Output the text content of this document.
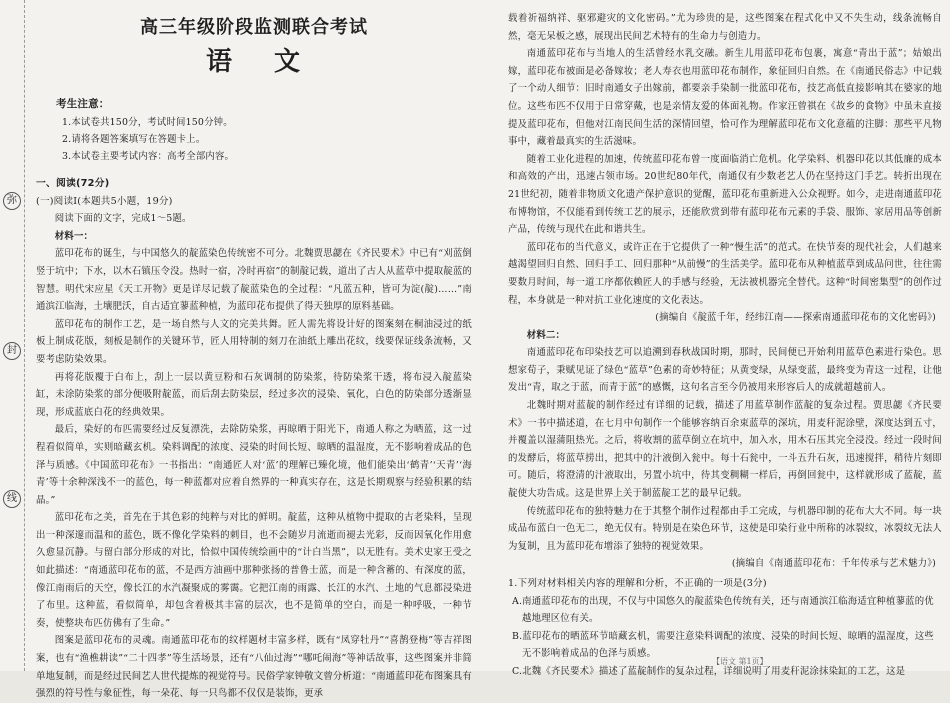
弥
封
线
高三年级阶段监测联合考试
语文
考生注意：
1.本试卷共150分，考试时间150分钟。
2.请将各题答案填写在答题卡上。
3.本试卷主要考试内容：高考全部内容。
一、阅读(72分)
(一)阅读Ⅰ(本题共5小题，19分)

阅读下面的文字，完成1～5题。

材料一：

蓝印花布的诞生，与中国悠久的靛蓝染色传统密不可分。北魏贾思勰在《齐民要术》中已有“刈蓝倒竖于坑中；下水，以木石镇压令没。热时一宿，冷时再宿”的制靛记载，道出了古人从蓝草中提取靛蓝的智慧。明代宋应星《天工开物》更是详尽记载了靛蓝染色的全过程：“凡蓝五种，皆可为淀(靛)……”南通滨江临海，土壤肥沃，自古适宜蓼蓝种植，为蓝印花布提供了得天独厚的原料基础。

蓝印花布的制作工艺，是一场自然与人文的完美共舞。匠人需先将设计好的图案刻在桐油浸过的纸板上制成花版，刻板是制作的关键环节，匠人用特制的刻刀在油纸上雕出花纹，线要保证线条流畅，又要考虑防染效果。

再将花版覆于白布上，刮上一层以黄豆粉和石灰调制的防染浆，待防染浆干透，将布浸入靛蓝染缸，未涂防染浆的部分便吸附靛蓝，而后刮去防染层，经过多次的浸染、氧化，白色的防染部分透渐显现，形成蓝底白花的经典效果。

最后，染好的布匹需要经过反复漂洗，去除防染浆，再晾晒于阳光下，南通人称之为晒蓝，这一过程看似简单，实则暗藏玄机。染料调配的浓度、浸染的时间长短、晾晒的温湿度，无不影响着成品的色泽与质感。《中国蓝印花布》一书指出：“南通匠人对‘蓝’的理解已臻化境，他们能染出‘鹤青’‘天青’‘海青’等十余种深浅不一的蓝色，每一种蓝都对应着自然界的一种真实存在，这是长期观察与经验积累的结晶。”

蓝印花布之美，首先在于其色彩的纯粹与对比的鲜明。靛蓝，这种从植物中提取的古老染料，呈现出一种深邃而温和的蓝色，既不像化学染料的刺目，也不会随岁月流逝而褪去光彩，反而因氧化作用愈久愈显沉静。与留白部分形成的对比，恰似中国传统绘画中的“计白当黑”，以无胜有。美术史家王受之如此描述：“南通蓝印花布的蓝，不是西方油画中那种张扬的普鲁士蓝，而是一种含蓄的、有深度的蓝，像江南雨后的天空，像长江的水汽凝聚成的雾霭。它把江南的雨露、长江的水汽、土地的气息都浸染进了布里。这种蓝，看似简单，却包含着极其丰富的层次，也不是简单的空白，而是一种呼吸，一种节奏，使整块布匹仿佛有了生命。”

图案是蓝印花布的灵魂。南通蓝印花布的纹样题材丰富多样，既有“凤穿牡丹”“喜鹊登梅”等吉祥图案，也有“渔樵耕读”“二十四孝”等生活场景，还有“八仙过海”“哪吒闹海”等神话故事，这些图案并非简单地复制，而是经过民间艺人世代提炼的视觉符号。民俗学家钟敬文曾分析道：“南通蓝印花布图案具有强烈的符号性与象征性，每一朵花、每一只鸟都不仅仅是装饰，更承

载着祈福纳祥、驱邪避灾的文化密码。”尤为珍贵的是，这些图案在程式化中又不失生动，线条流畅自然，毫无呆板之感，展现出民间艺术特有的生命力与创造力。

南通蓝印花布与当地人的生活曾经水乳交融。新生儿用蓝印花布包裹，寓意“青出于蓝”；姑娘出嫁，蓝印花布被面是必备嫁妆；老人寿衣也用蓝印花布制作，象征回归自然。在《南通民俗志》中记载了一个动人细节：旧时南通女子出嫁前，都要亲手染制一批蓝印花布，技艺高低直接影响其在婆家的地位。这些布匹不仅用于日常穿戴，也是亲情友爱的体面礼物。作家汪曾祺在《故乡的食物》中虽未直接提及蓝印花布，但他对江南民间生活的深情回望，恰可作为理解蓝印花布文化意蕴的注脚：那些平凡物事中，藏着最真实的生活滋味。

随着工业化进程的加速，传统蓝印花布曾一度面临消亡危机。化学染料、机器印花以其低廉的成本和高效的产出，迅速占领市场。20世纪80年代，南通仅有少数老艺人仍在坚持这门手艺。转折出现在21世纪初，随着非物质文化遗产保护意识的觉醒，蓝印花布重新进入公众视野。如今，走进南通蓝印花布博物馆，不仅能看到传统工艺的展示，还能欣赏到带有蓝印花布元素的手袋、服饰、家居用品等创新产品，传统与现代在此和谐共生。

蓝印花布的当代意义，或许正在于它提供了一种“慢生活”的范式。在快节奏的现代社会，人们越来越渴望回归自然、回归手工、回归那种“从前慢”的生活美学。蓝印花布从种植蓝草到成品问世，往往需要数月时间，每一道工序都依赖匠人的手感与经验，无法被机器完全替代。这种“时间密集型”的创作过程，本身就是一种对抗工业化速度的文化表达。

(摘编自《靛蓝千年，经纬江南——探索南通蓝印花布的文化密码》)
材料二：

南通蓝印花布印染技艺可以追溯到春秋战国时期，那时，民间便已开始利用蓝草色素进行染色。思想家荀子，秉赋见证了绿色“蓝草”色素的奇妙特征；从黄变绿，从绿变蓝，最终变为青这一过程，让他发出“青，取之于蓝，而青于蓝”的感慨，这句名言至今仍被用来形容后人的成就超越前人。

北魏时期对蓝靛的制作经过有详细的记载，描述了用蓝草制作蓝靛的复杂过程。贾思勰《齐民要术》一书中描述道，在七月中旬制作一个能够容纳百余束蓝草的深坑，用麦秆泥涂壁，深度达到五寸，并覆盖以湿蒲阻热光。之后，将收割的蓝草倒立在坑中，加入水，用木石压其完全浸没。经过一段时间的发酵后，将蓝草捞出，把其中的汁液倒入瓮中。每十石瓮中，一斗五升石灰，迅速搅拌，稍待片刻即可。随后，将澄清的汁液取出，另置小坑中，待其变稠糊一样后，再倒回瓮中，这样就形成了蓝靛，蓝靛使大功告成。这是世界上关于制蓝靛工艺的最早记载。

传统蓝印花布的独特魅力在于其整个制作过程都由手工完成，与机器印制的花布大大不同。每一块成品布蓝白一色无二，绝无仅有。特别是在染色环节，这使是印染行业中所称的冰裂纹，冰裂纹无法人为复制，且为蓝印花布增添了独特的视觉效果。

(摘编自《南通蓝印花布：千年传承与艺术魅力》)
1.下列对材料相关内容的理解和分析，不正确的一项是(3分)
A.南通蓝印花布的出现，不仅与中国悠久的靛蓝染色传统有关，还与南通滨江临海适宜种植蓼蓝的优越地理区位有关。
B.蓝印花布的晒蓝环节暗藏玄机，需要注意染料调配的浓度、浸染的时间长短、晾晒的温湿度，这些无不影响着成品的色泽与质感。
C.北魏《齐民要术》描述了蓝靛制作的复杂过程，详细说明了用麦秆泥涂抹染缸的工艺，这是
【语文 第1页】
